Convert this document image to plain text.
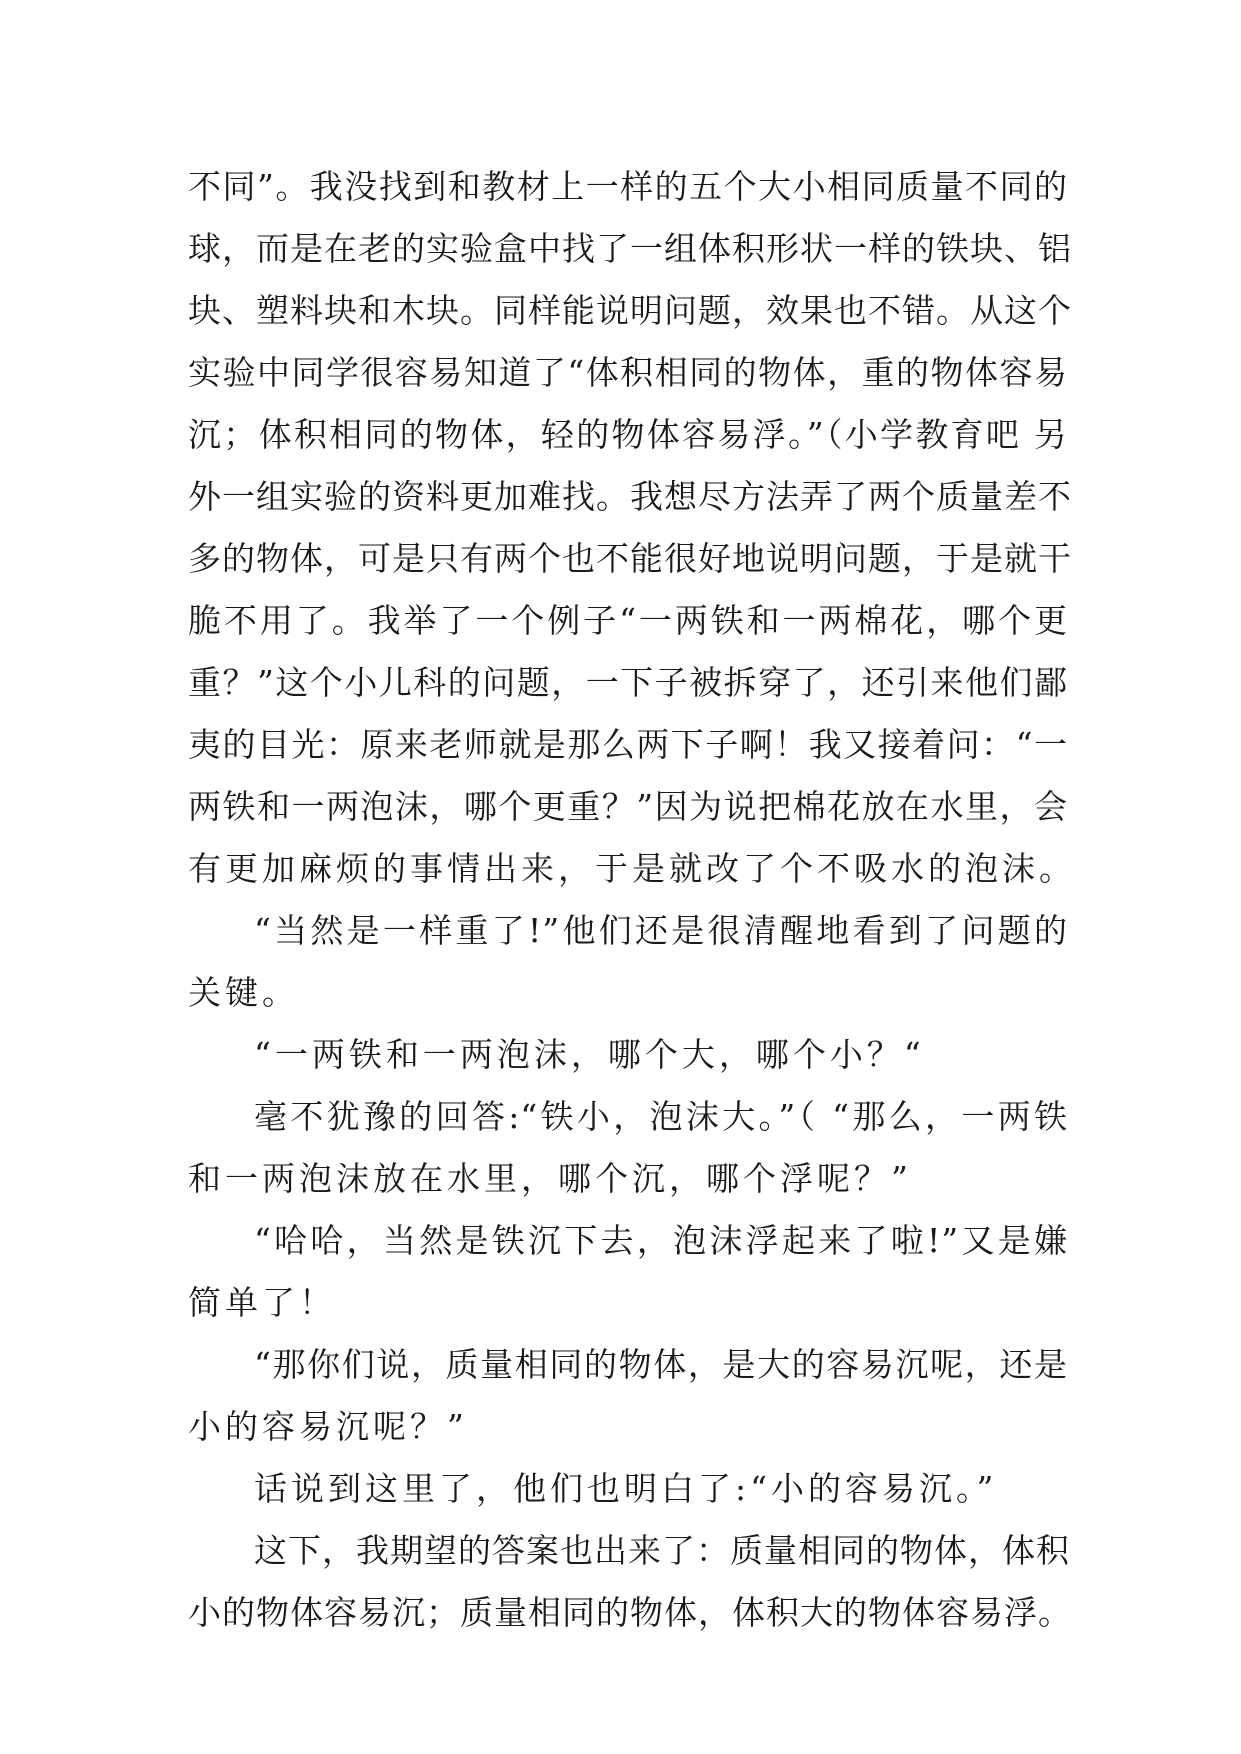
不同”。我没找到和教材上一样的五个大小相同质量不同的
球，而是在老的实验盒中找了一组体积形状一样的铁块、铝
块、塑料块和木块。同样能说明问题，效果也不错。从这个
实验中同学很容易知道了“体积相同的物体，重的物体容易
沉；体积相同的物体，轻的物体容易浮。”（小学教育吧 另
外一组实验的资料更加难找。我想尽方法弄了两个质量差不
多的物体，可是只有两个也不能很好地说明问题，于是就干
脆不用了。我举了一个例子“一两铁和一两棉花，哪个更
重？”这个小儿科的问题，一下子被拆穿了，还引来他们鄙
夷的目光：原来老师就是那么两下子啊！我又接着问：“一
两铁和一两泡沫，哪个更重？”因为说把棉花放在水里，会
有更加麻烦的事情出来，于是就改了个不吸水的泡沫。
“当然是一样重了!”他们还是很清醒地看到了问题的
关键。
“一两铁和一两泡沫，哪个大，哪个小？“
毫不犹豫的回答:“铁小，泡沫大。”（ “那么，一两铁
和一两泡沫放在水里，哪个沉，哪个浮呢？”
“哈哈，当然是铁沉下去，泡沫浮起来了啦!”又是嫌
简单了！
“那你们说，质量相同的物体，是大的容易沉呢，还是
小的容易沉呢？”
话说到这里了，他们也明白了:“小的容易沉。”
这下，我期望的答案也出来了：质量相同的物体，体积
小的物体容易沉；质量相同的物体，体积大的物体容易浮。
